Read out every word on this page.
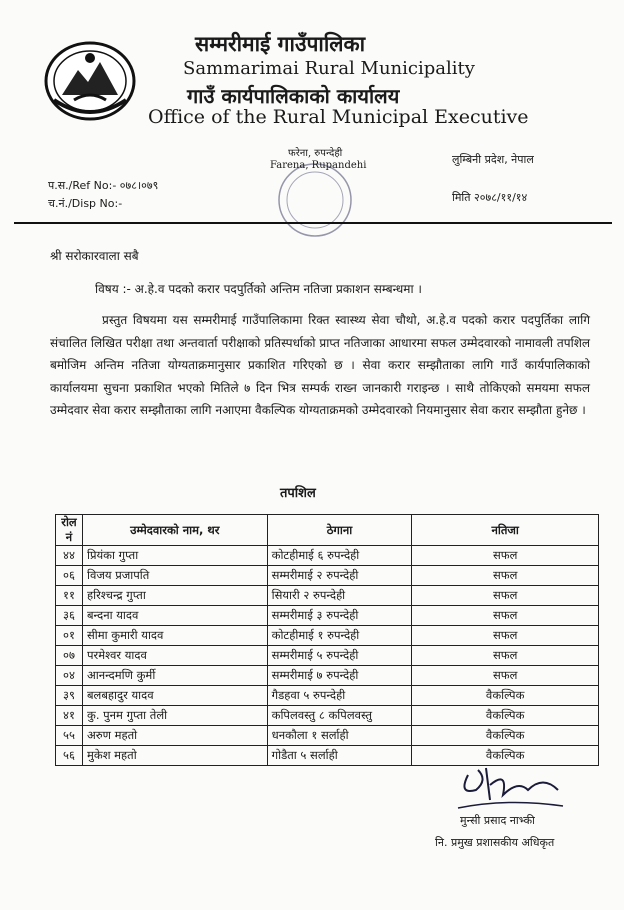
सम्मरीमाई गाउँपालिका
Sammarimai Rural Municipality
गाउँ कार्यपालिकाको कार्यालय
Office of the Rural Municipal Executive
फरेना, रुपन्देही
Farena, Rupandehi
प.स./Ref No:- ०७८।०७९
च.नं./Disp No:-
लुम्बिनी प्रदेश, नेपाल
मिति २०७८/११/१४
श्री सरोकारवाला सबै
विषय :- अ.हे.व पदको करार पदपुर्तिको अन्तिम नतिजा प्रकाशन सम्बन्धमा ।
प्रस्तुत विषयमा यस सम्मरीमाई गाउँपालिकामा रिक्त स्वास्थ्य सेवा चौथो, अ.हे.व पदको करार पदपुर्तिका लागि संचालित लिखित परीक्षा तथा अन्तवार्ता परीक्षाको प्रतिस्पर्धाको प्राप्त नतिजाका आधारमा सफल उम्मेदवारको नामावली तपशिल बमोजिम अन्तिम नतिजा योग्यताक्रमानुसार प्रकाशित गरिएको छ । सेवा करार सम्झौताका लागि गाउँ कार्यपालिकाको कार्यालयमा सुचना प्रकाशित भएको मितिले ७ दिन भित्र सम्पर्क राख्न जानकारी गराइन्छ । साथै तोकिएको समयमा सफल उम्मेदवार सेवा करार सम्झौताका लागि नआएमा वैकल्पिक योग्यताक्रमको उम्मेदवारको नियमानुसार सेवा करार सम्झौता हुनेछ ।
तपशिल
रोल नं	उम्मेदवारको नाम, थर	ठेगाना	नतिजा
४४	प्रियंका गुप्ता	कोटहीमाई ६ रुपन्देही	सफल
०६	विजय प्रजापति	सम्मरीमाई २ रुपन्देही	सफल
११	हरिश्चन्द्र गुप्ता	सियारी २ रुपन्देही	सफल
३६	बन्दना यादव	सम्मरीमाई ३ रुपन्देही	सफल
०१	सीमा कुमारी यादव	कोटहीमाई १ रुपन्देही	सफल
०७	परमेश्वर यादव	सम्मरीमाई ५ रुपन्देही	सफल
०४	आनन्दमणि कुर्मी	सम्मरीमाई ७ रुपन्देही	सफल
३९	बलबहादुर यादव	गैडहवा ५ रुपन्देही	वैकल्पिक
४१	कु. पुनम गुप्ता तेली	कपिलवस्तु ८ कपिलवस्तु	वैकल्पिक
५५	अरुण महतो	धनकौला १ सर्लाही	वैकल्पिक
५६	मुकेश महतो	गोडैता ५ सर्लाही	वैकल्पिक
मुन्सी प्रसाद नाभ्की
नि. प्रमुख प्रशासकीय अधिकृत
